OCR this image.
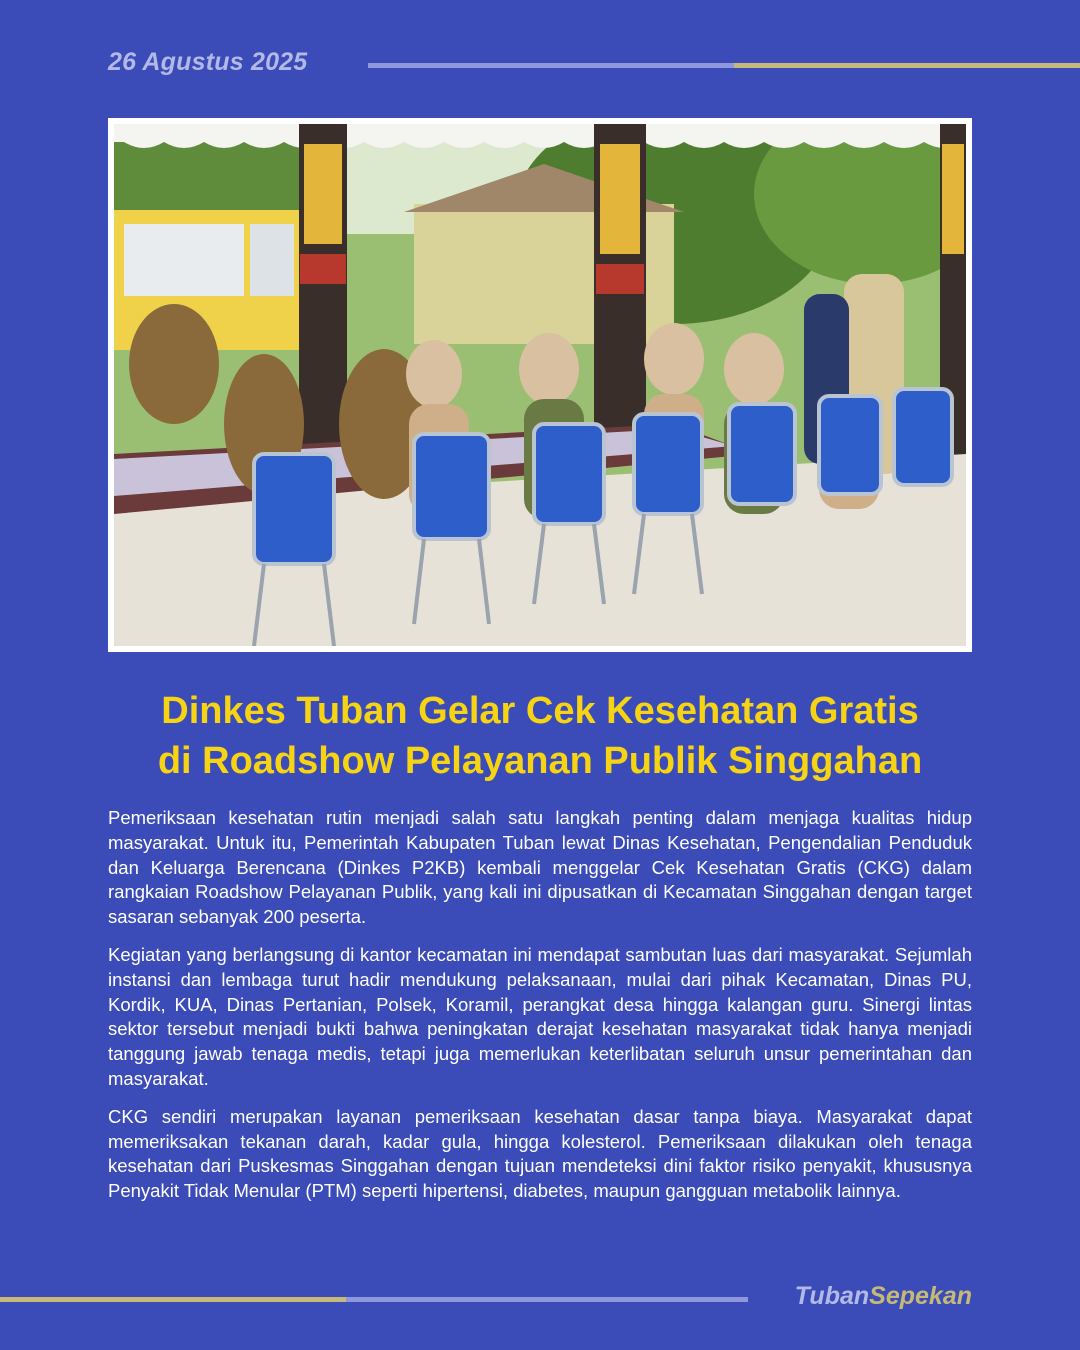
26 Agustus 2025
Dinkes Tuban Gelar Cek Kesehatan Gratis
di Roadshow Pelayanan Publik Singgahan

Pemeriksaan kesehatan rutin menjadi salah satu langkah penting dalam menjaga kualitas hidup masyarakat. Untuk itu, Pemerintah Kabupaten Tuban lewat Dinas Kesehatan, Pengendalian Penduduk dan Keluarga Berencana (Dinkes P2KB) kembali menggelar Cek Kesehatan Gratis (CKG) dalam rangkaian Roadshow Pelayanan Publik, yang kali ini dipusatkan di Kecamatan Singgahan dengan target sasaran sebanyak 200 peserta.

Kegiatan yang berlangsung di kantor kecamatan ini mendapat sambutan luas dari masyarakat. Sejumlah instansi dan lembaga turut hadir mendukung pelaksanaan, mulai dari pihak Kecamatan, Dinas PU, Kordik, KUA, Dinas Pertanian, Polsek, Koramil, perangkat desa hingga kalangan guru. Sinergi lintas sektor tersebut menjadi bukti bahwa peningkatan derajat kesehatan masyarakat tidak hanya menjadi tanggung jawab tenaga medis, tetapi juga memerlukan keterlibatan seluruh unsur pemerintahan dan masyarakat.

CKG sendiri merupakan layanan pemeriksaan kesehatan dasar tanpa biaya. Masyarakat dapat memeriksakan tekanan darah, kadar gula, hingga kolesterol. Pemeriksaan dilakukan oleh tenaga kesehatan dari Puskesmas Singgahan dengan tujuan mendeteksi dini faktor risiko penyakit, khususnya Penyakit Tidak Menular (PTM) seperti hipertensi, diabetes, maupun gangguan metabolik lainnya.

TubanSepekan
